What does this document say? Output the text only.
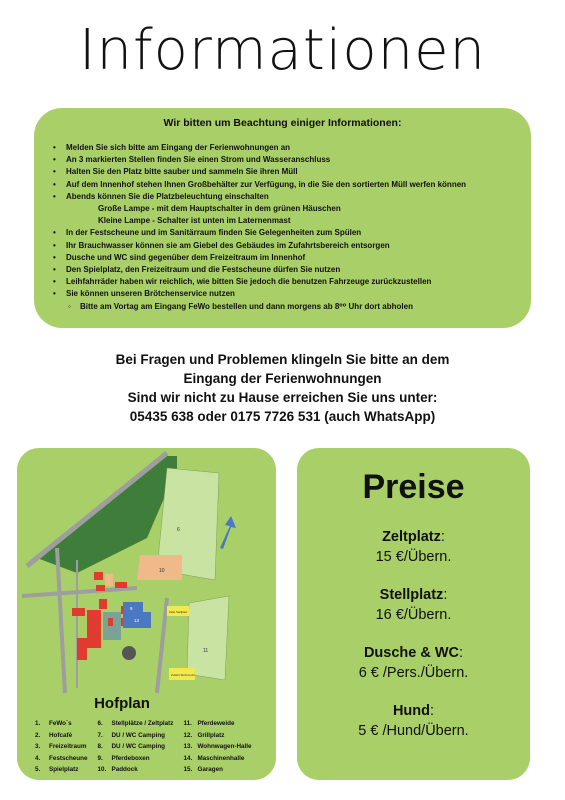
Informationen
Wir bitten um Beachtung einiger Informationen:
• Melden Sie sich bitte am Eingang der Ferienwohnungen an
• An 3 markierten Stellen finden Sie einen Strom und Wasseranschluss
• Halten Sie den Platz bitte sauber und sammeln Sie ihren Müll
• Auf dem Innenhof stehen Ihnen Großbehälter zur Verfügung, in die Sie den sortierten Müll werfen können
• Abends können Sie die Platzbeleuchtung einschalten
Große Lampe - mit dem Hauptschalter in dem grünen Häuschen
Kleine Lampe - Schalter ist unten im Laternenmast
• In der Festscheune und im Sanitärraum finden Sie Gelegenheiten zum Spülen
• Ihr Brauchwasser können sie am Giebel des Gebäudes im Zufahrtsbereich entsorgen
• Dusche und WC sind gegenüber dem Freizeitraum im Innenhof
• Den Spielplatz, den Freizeitraum und die Festscheune dürfen Sie nutzen
• Leihfahrräder haben wir reichlich, wie bitten Sie jedoch die benutzen Fahrzeuge zurückzustellen
• Sie können unseren Brötchenservice nutzen
◦ Bitte am Vortag am Eingang FeWo bestellen und dann morgens ab 8⁰⁰ Uhr dort abholen
Bei Fragen und Problemen klingeln Sie bitte an dem
Eingang der Ferienwohnungen
Sind wir nicht zu Hause erreichen Sie uns unter:
05435 638 oder 0175 7726 531 (auch WhatsApp)
6
11
10
9
13
Zelte Stellplatz
Zufahrt Wohnmobil
Hofplan
1. FeWo´s
2. Hofcafé
3. Freizeitraum
4. Festscheune
5. Spielplatz
6. Stellplätze / Zeltplatz
7. DU / WC Camping
8. DU / WC Camping
9. Pferdeboxen
10. Paddock
11. Pferdeweide
12. Grillplatz
13. Wohnwagen-Halle
14. Maschinenhalle
15. Garagen
Preise
Zeltplatz:
15 €/Übern.
Stellplatz:
16 €/Übern.
Dusche & WC:
6 € /Pers./Übern.
Hund:
5 € /Hund/Übern.
